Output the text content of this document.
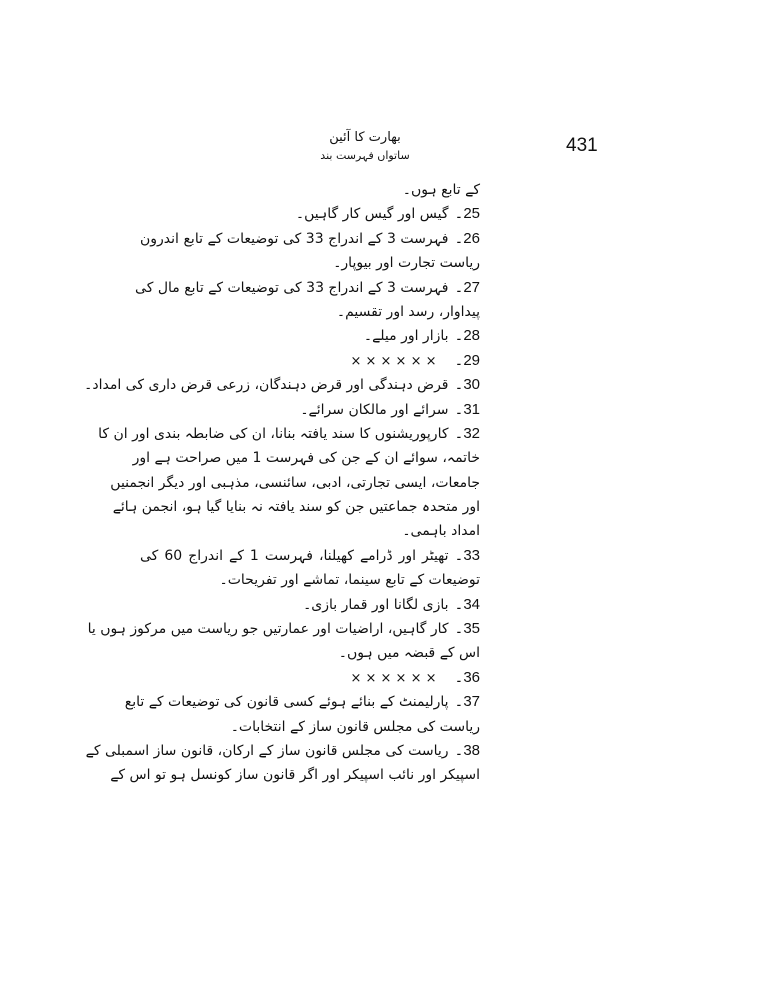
431
بھارت کا آئین
ساتواں فہرست بند
کے تابع ہوں۔
25۔گیس اور گیس کار گاہیں۔
26۔فہرست 3 کے اندراج 33 کی توضیعات کے تابع اندرون
ریاست تجارت اور بیوپار۔
27۔فہرست 3 کے اندراج 33 کی توضیعات کے تابع مال کی
پیداوار، رسد اور تقسیم۔
28۔بازار اور میلے۔
29۔× × × × × ×
30۔قرض دہندگی اور قرض دہندگان، زرعی قرض داری کی امداد۔
31۔سرائے اور مالکان سرائے۔
32۔کارپوریشنوں کا سند یافتہ بنانا، ان کی ضابطہ بندی اور ان کا
خاتمہ، سوائے ان کے جن کی فہرست 1 میں صراحت ہے اور
جامعات، ایسی تجارتی، ادبی، سائنسی، مذہبی اور دیگر انجمنیں
اور متحدہ جماعتیں جن کو سند یافتہ نہ بنایا گیا ہو، انجمن ہائے
امداد باہمی۔
33۔تھیٹر اور ڈرامے کھیلنا، فہرست 1 کے اندراج 60 کی
توضیعات کے تابع سینما، تماشے اور تفریحات۔
34۔بازی لگانا اور قمار بازی۔
35۔کار گاہیں، اراضیات اور عمارتیں جو ریاست میں مرکوز ہوں یا
اس کے قبضہ میں ہوں۔
36۔× × × × × ×
37۔پارلیمنٹ کے بنائے ہوئے کسی قانون کی توضیعات کے تابع
ریاست کی مجلس قانون ساز کے انتخابات۔
38۔ریاست کی مجلس قانون ساز کے ارکان، قانون ساز اسمبلی کے
اسپیکر اور نائب اسپیکر اور اگر قانون ساز کونسل ہو تو اس کے
